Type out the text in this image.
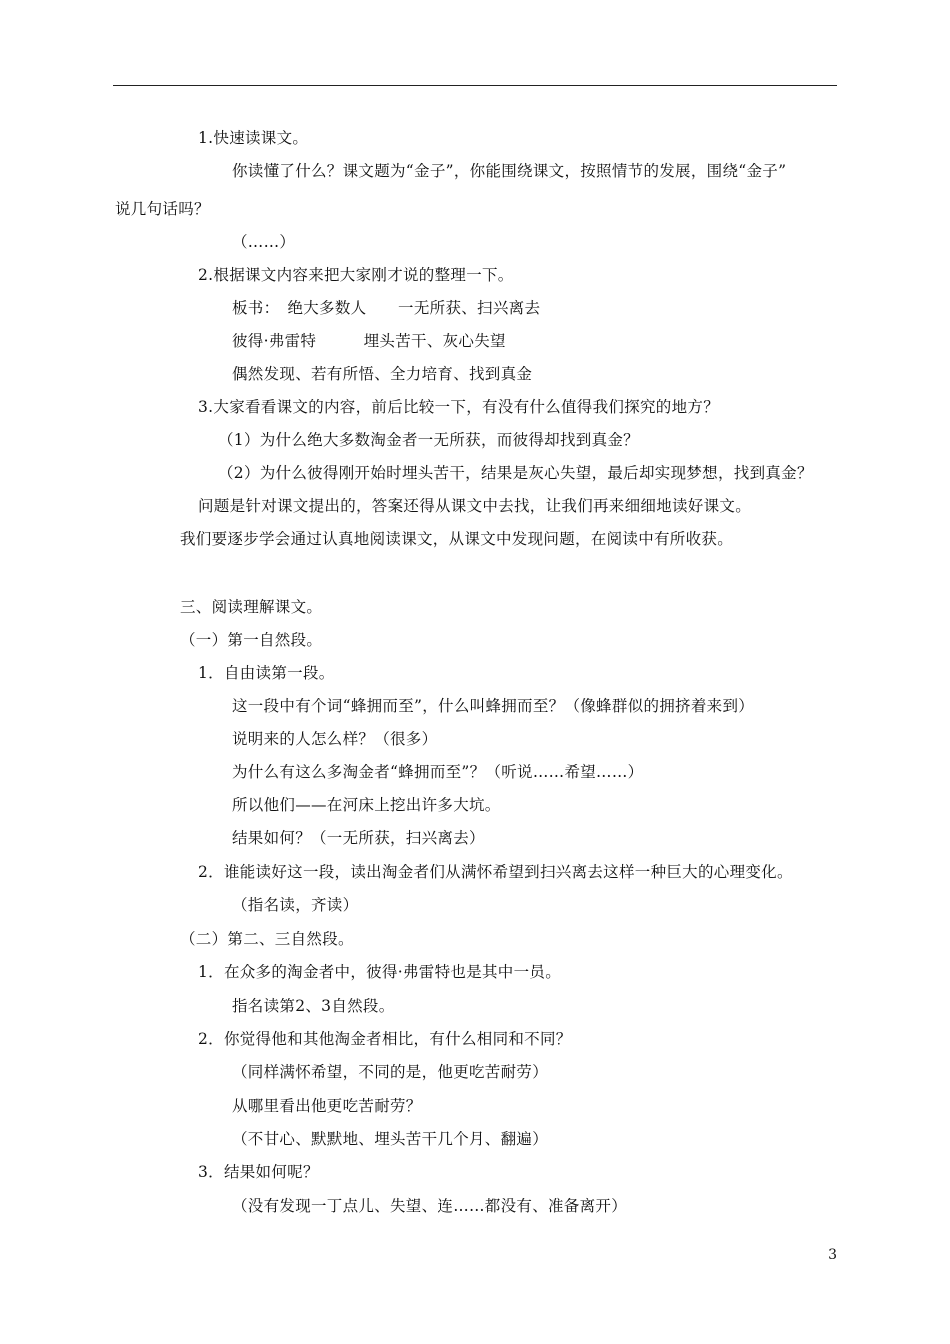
1.快速读课文。
你读懂了什么？课文题为“金子”，你能围绕课文，按照情节的发展，围绕“金子”
说几句话吗？
（……）
2.根据课文内容来把大家刚才说的整理一下。
板书：　绝大多数人　　一无所获、扫兴离去
彼得·弗雷特　　　埋头苦干、灰心失望
偶然发现、若有所悟、全力培育、找到真金
3.大家看看课文的内容，前后比较一下，有没有什么值得我们探究的地方？
（1）为什么绝大多数淘金者一无所获，而彼得却找到真金？
（2）为什么彼得刚开始时埋头苦干，结果是灰心失望，最后却实现梦想，找到真金？
问题是针对课文提出的，答案还得从课文中去找，让我们再来细细地读好课文。
我们要逐步学会通过认真地阅读课文，从课文中发现问题，在阅读中有所收获。
三、阅读理解课文。
（一）第一自然段。
1．自由读第一段。
这一段中有个词“蜂拥而至”，什么叫蜂拥而至？（像蜂群似的拥挤着来到）
说明来的人怎么样？（很多）
为什么有这么多淘金者“蜂拥而至”？（听说……希望……）
所以他们——在河床上挖出许多大坑。
结果如何？（一无所获，扫兴离去）
2．谁能读好这一段，读出淘金者们从满怀希望到扫兴离去这样一种巨大的心理变化。
（指名读，齐读）
（二）第二、三自然段。
1．在众多的淘金者中，彼得·弗雷特也是其中一员。
指名读第2、3自然段。
2．你觉得他和其他淘金者相比，有什么相同和不同？
（同样满怀希望，不同的是，他更吃苦耐劳）
从哪里看出他更吃苦耐劳？
（不甘心、默默地、埋头苦干几个月、翻遍）
3．结果如何呢？
（没有发现一丁点儿、失望、连……都没有、准备离开）
3
